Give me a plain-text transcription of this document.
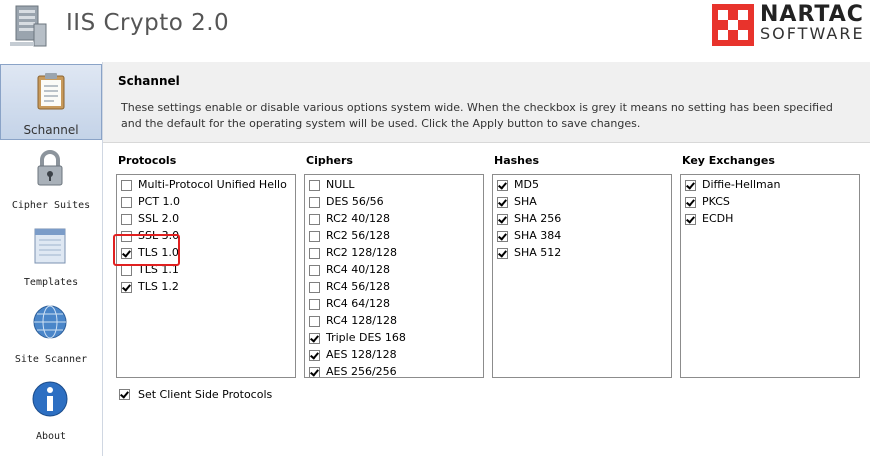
IIS Crypto 2.0	NARTAC
SOFTWARE
Schannel
Cipher Suites
Templates
Site Scanner
About
Schannel
These settings enable or disable various options system wide. When the checkbox is grey it means no setting has been specified and the default for the operating system will be used. Click the Apply button to save changes.
Protocols
Multi-Protocol Unified Hello
PCT 1.0
SSL 2.0
SSL 3.0
TLS 1.0
TLS 1.1
TLS 1.2
Ciphers
NULL
DES 56/56
RC2 40/128
RC2 56/128
RC2 128/128
RC4 40/128
RC4 56/128
RC4 64/128
RC4 128/128
Triple DES 168
AES 128/128
AES 256/256
Hashes
MD5
SHA
SHA 256
SHA 384
SHA 512
Key Exchanges
Diffie-Hellman
PKCS
ECDH
Set Client Side Protocols
